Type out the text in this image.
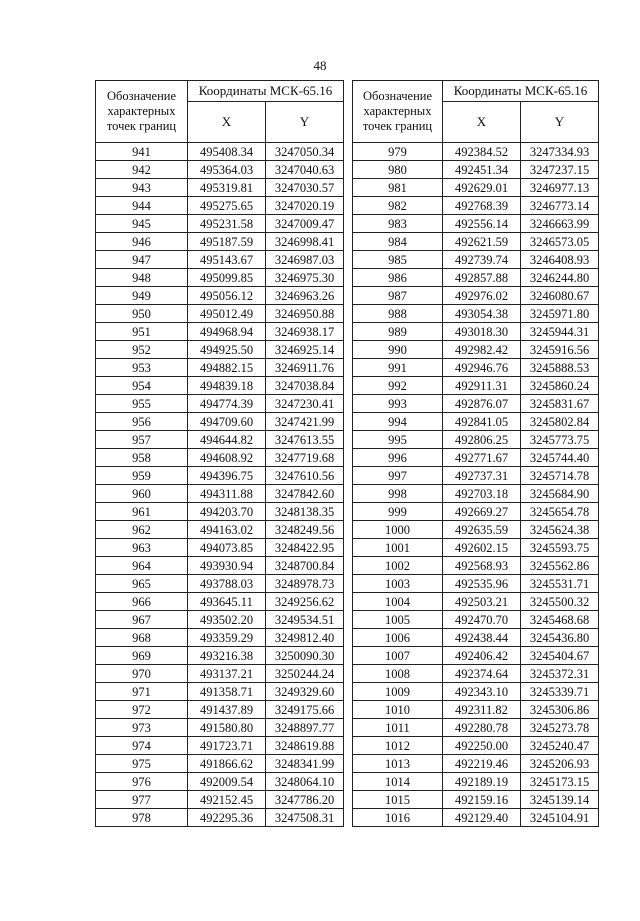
48
Обозначение
характерных
точек границ	Координаты МСК-65.16	
	X	Y
941	495408.34	3247050.34
942	495364.03	3247040.63
943	495319.81	3247030.57
944	495275.65	3247020.19
945	495231.58	3247009.47
946	495187.59	3246998.41
947	495143.67	3246987.03
948	495099.85	3246975.30
949	495056.12	3246963.26
950	495012.49	3246950.88
951	494968.94	3246938.17
952	494925.50	3246925.14
953	494882.15	3246911.76
954	494839.18	3247038.84
955	494774.39	3247230.41
956	494709.60	3247421.99
957	494644.82	3247613.55
958	494608.92	3247719.68
959	494396.75	3247610.56
960	494311.88	3247842.60
961	494203.70	3248138.35
962	494163.02	3248249.56
963	494073.85	3248422.95
964	493930.94	3248700.84
965	493788.03	3248978.73
966	493645.11	3249256.62
967	493502.20	3249534.51
968	493359.29	3249812.40
969	493216.38	3250090.30
970	493137.21	3250244.24
971	491358.71	3249329.60
972	491437.89	3249175.66
973	491580.80	3248897.77
974	491723.71	3248619.88
975	491866.62	3248341.99
976	492009.54	3248064.10
977	492152.45	3247786.20
978	492295.36	3247508.31
Обозначение
характерных
точек границ	Координаты МСК-65.16	
	X	Y
979	492384.52	3247334.93
980	492451.34	3247237.15
981	492629.01	3246977.13
982	492768.39	3246773.14
983	492556.14	3246663.99
984	492621.59	3246573.05
985	492739.74	3246408.93
986	492857.88	3246244.80
987	492976.02	3246080.67
988	493054.38	3245971.80
989	493018.30	3245944.31
990	492982.42	3245916.56
991	492946.76	3245888.53
992	492911.31	3245860.24
993	492876.07	3245831.67
994	492841.05	3245802.84
995	492806.25	3245773.75
996	492771.67	3245744.40
997	492737.31	3245714.78
998	492703.18	3245684.90
999	492669.27	3245654.78
1000	492635.59	3245624.38
1001	492602.15	3245593.75
1002	492568.93	3245562.86
1003	492535.96	3245531.71
1004	492503.21	3245500.32
1005	492470.70	3245468.68
1006	492438.44	3245436.80
1007	492406.42	3245404.67
1008	492374.64	3245372.31
1009	492343.10	3245339.71
1010	492311.82	3245306.86
1011	492280.78	3245273.78
1012	492250.00	3245240.47
1013	492219.46	3245206.93
1014	492189.19	3245173.15
1015	492159.16	3245139.14
1016	492129.40	3245104.91
